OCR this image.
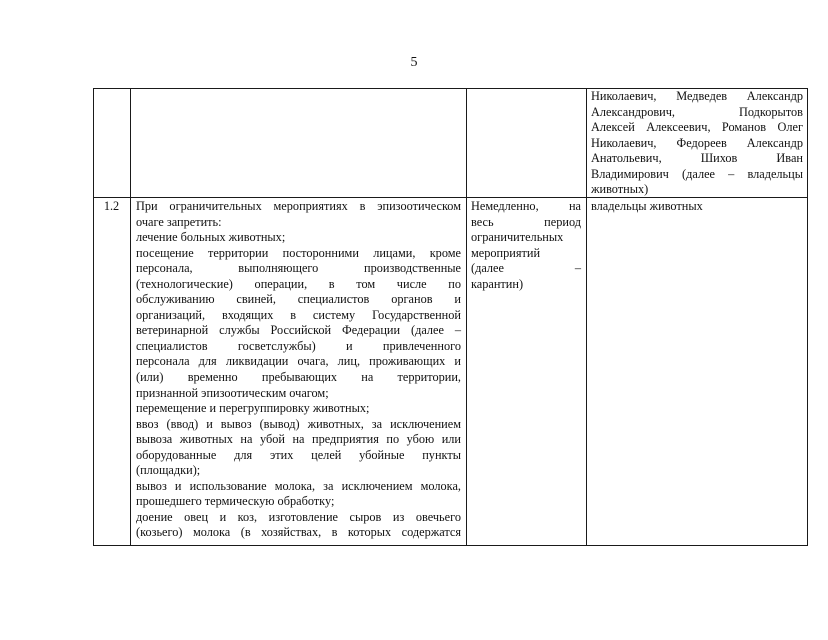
5
Николаевич, Медведев Александр
Александрович, Подкорытов
Алексей Алексеевич, Романов Олег
Николаевич, Федореев Александр
Анатольевич, Шихов Иван
Владимирович (далее – владельцы
животных)
1.2	При ограничительных мероприятиях в эпизоотическом
очаге запретить:
лечение больных животных;
посещение территории посторонними лицами, кроме
персонала, выполняющего производственные
(технологические) операции, в том числе по
обслуживанию свиней, специалистов органов и
организаций, входящих в систему Государственной
ветеринарной службы Российской Федерации (далее –
специалистов госветслужбы) и привлеченного
персонала для ликвидации очага, лиц, проживающих и
(или) временно пребывающих на территории,
признанной эпизоотическим очагом;
перемещение и перегруппировку животных;
ввоз (ввод) и вывоз (вывод) животных, за исключением
вывоза животных на убой на предприятия по убою или
оборудованные для этих целей убойные пункты
(площадки);
вывоз и использование молока, за исключением молока,
прошедшего термическую обработку;
доение овец и коз, изготовление сыров из овечьего
(козьего) молока (в хозяйствах, в которых содержатся
Немедленно, на
весь период
ограничительных
мероприятий
(далее –
карантин)
владельцы животных
